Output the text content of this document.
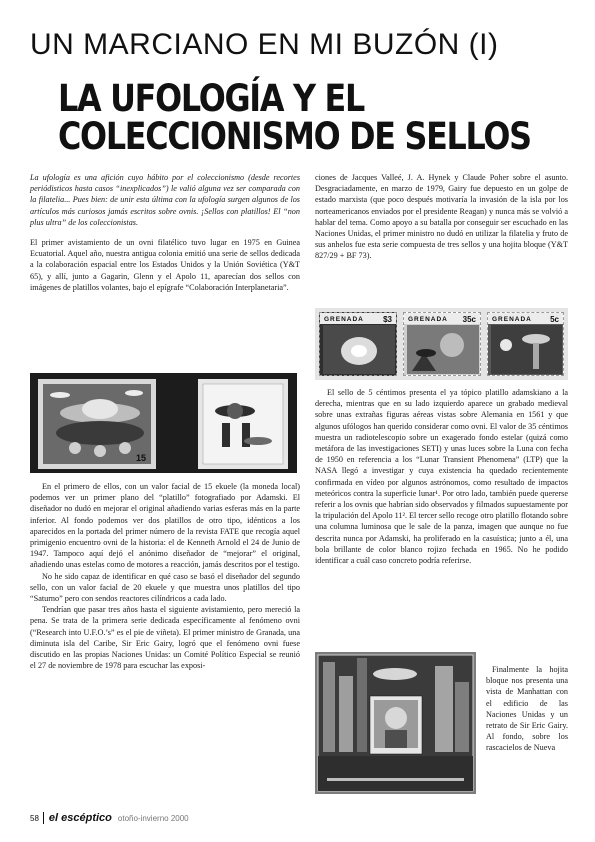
UN MARCIANO EN MI BUZÓN (I)
LA UFOLOGÍA Y EL
COLECCIONISMO DE SELLOS

La ufología es una afición cuyo hábito por el coleccionismo (desde recortes periódisticos hasta casos “inexplicados”) le valió alguna vez ser comparada con la filatelia... Pues bien: de unir esta última con la ufología surgen algunos de los artículos más curiosos jamás escritos sobre ovnis. ¡Sellos con platillos! El “non plus ultra” de los coleccionistas.

El primer avistamiento de un ovni filatélico tuvo lugar en 1975 en Guinea Ecuatorial. Aquel año, nuestra antigua colonia emitió una serie de sellos dedicada a la colaboración espacial entre los Estados Unidos y la Unión Soviética (Y&T 65), y allí, junto a Gagarin, Glenn y el Apolo 11, aparecían dos sellos con imágenes de platillos volantes, bajo el epígrafe “Colaboración Interplanetaria”.

15

En el primero de ellos, con un valor facial de 15 ekuele (la moneda local) podemos ver un primer plano del “platillo” fotografiado por Adamski. El diseñador no dudó en mejorar el original añadiendo varias esferas más en la parte inferior. Al fondo podemos ver dos platillos de otro tipo, idénticos a los aparecidos en la portada del primer número de la revista FATE que recogía aquel primigenio encuentro ovni de la historia: el de Kenneth Arnold el 24 de Junio de 1947. Tampoco aquí dejó el anónimo diseñador de “mejorar” el original, añadiendo unas estelas como de motores a reacción, jamás descritos por el testigo.

No he sido capaz de identificar en qué caso se basó el diseñador del segundo sello, con un valor facial de 20 ekuele y que muestra unos platillos del tipo “Saturno” pero con sendos reactores cilíndricos a cada lado.

Tendrían que pasar tres años hasta el siguiente avistamiento, pero mereció la pena. Se trata de la primera serie dedicada específicamente al fenómeno ovni (“Research into U.F.O.’s” es el pie de viñeta). El primer ministro de Granada, una diminuta isla del Caribe, Sir Eric Gairy, logró que el fenómeno ovni fuese discutido en las propias Naciones Unidas: un Comité Político Especial se reunió el 27 de noviembre de 1978 para escuchar las exposi-

ciones de Jacques Valleé, J. A. Hynek y Claude Poher sobre el asunto. Desgraciadamente, en marzo de 1979, Gairy fue depuesto en un golpe de estado marxista (que poco después motivaría la invasión de la isla por los norteamericanos enviados por el presidente Reagan) y nunca más se volvió a hablar del tema. Como apoyo a su batalla por conseguir ser escuchado en las Naciones Unidas, el primer ministro no dudó en utilizar la filatelia y fruto de sus anhelos fue esta serie compuesta de tres sellos y una hojita bloque (Y&T 827/29 + BF 73).

GRENADA $3 GRENADA 35c GRENADA 5c

El sello de 5 céntimos presenta el ya tópico platillo adamskiano a la derecha, mientras que en su lado izquierdo aparece un grabado medieval sobre unas extrañas figuras aéreas vistas sobre Alemania en 1561 y que algunos ufólogos han querido considerar como ovni. El valor de 35 céntimos muestra un radiotelescopio sobre un exagerado fondo estelar (quizá como metáfora de las investigaciones SETI) y unas luces sobre la Luna con fecha de 1950 en referencia a los “Lunar Transient Phenomena” (LTP) que la NASA llegó a investigar y cuya existencia ha quedado recientemente confirmada en vídeo por algunos astrónomos, como resultado de impactos meteóricos contra la superficie lunar¹. Por otro lado, también puede quererse referir a los ovnis que habrían sido observados y filmados supuestamente por la tripulación del Apolo 11². El tercer sello recoge otro platillo flotando sobre una columna luminosa que le sale de la panza, imagen que aunque no fue descrita nunca por Adamski, ha proliferado en la casuística; junto a él, una bola brillante de color blanco rojizo fechada en 1965. No he podido identificar a cuál caso concreto podría referirse.

Finalmente la hojita bloque nos presenta una vista de Manhattan con el edificio de las Naciones Unidas y un retrato de Sir Eric Gairy. Al fondo, sobre los rascacielos de Nueva

58 el escéptico otoño-invierno 2000
